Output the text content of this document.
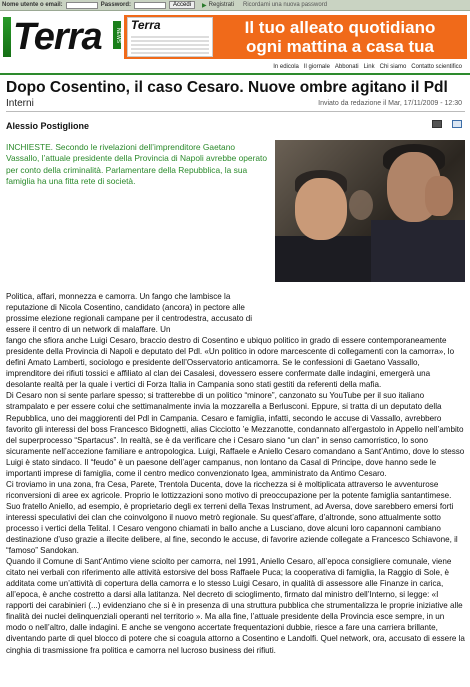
Nome utente o email:	Password:	Accedi	▶ Registrati Ricordami una nuova password
Terra	NEWS
Terra	Il tuo alleato quotidiano
ogni mattina a casa tua
In edicola Il giornale Abbonati Link Chi siamo Contatto scientifico
Dopo Cosentino, il caso Cesaro. Nuove ombre agitano il Pdl
Interni	Inviato da redazione il Mar, 17/11/2009 - 12:30
Alessio Postiglione
INCHIESTE. Secondo le rivelazioni dell’imprenditore Gaetano Vassallo, l’attuale presidente della Provincia di Napoli avrebbe operato per conto della criminalità. Parlamentare della Repubblica, la sua famiglia ha una fitta rete di società.

Politica, affari, monnezza e camorra. Un fango che lambisce la reputazione di Nicola Cosentino, candidato (ancora) in pectore alle prossime elezione regionali campane per il centrodestra, accusato di essere il centro di un network di malaffare. Un

fango che sfiora anche Luigi Cesaro, braccio destro di Cosentino e ubiquo politico in grado di essere contemporaneamente presidente della Provincia di Napoli e deputato del Pdl. «Un politico in odore marcescente di collegamenti con la camorra», lo definì Amato Lamberti, sociologo e presidente dell’Osservatorio anticamorra. Se le confessioni di Gaetano Vassallo, imprenditore dei rifiuti tossici e affiliato al clan dei Casalesi, dovessero essere confermate dalle indagini, emergerà una desolante realtà per la quale i vertici di Forza Italia in Campania sono stati gestiti da referenti della mafia.

Di Cesaro non si sente parlare spesso; si tratterebbe di un politico “minore”, canzonato su YouTube per il suo italiano strampalato e per essere colui che settimanalmente invia la mozzarella a Berlusconi. Eppure, si tratta di un deputato della Repubblica, uno dei maggiorenti del Pdl in Campania. Cesaro e famiglia, infatti, secondo le accuse di Vassallo, avrebbero favorito gli interessi del boss Francesco Bidognetti, alias Cicciotto ’e Mezzanotte, condannato all’ergastolo in Appello nell’ambito del superprocesso “Spartacus”. In realtà, se è da verificare che i Cesaro siano “un clan” in senso camorristico, lo sono sicuramente nell’accezione familiare e antropologica. Luigi, Raffaele e Aniello Cesaro comandano a Sant’Antimo, dove lo stesso Luigi è stato sindaco. Il “feudo” è un paesone dell’ager campanus, non lontano da Casal di Principe, dove hanno sede le importanti imprese di famiglia, come il centro medico convenzionato Igea, amministrato da Antimo Cesaro.

Ci troviamo in una zona, fra Cesa, Parete, Trentola Ducenta, dove la ricchezza si è moltiplicata attraverso le avventurose riconversioni di aree ex agricole. Proprio le lottizzazioni sono motivo di preoccupazione per la potente famiglia santantimese. Suo fratello Aniello, ad esempio, è proprietario degli ex terreni della Texas Instrument, ad Aversa, dove sarebbero emersi forti interessi speculativi dei clan che coinvolgono il nuovo metrò regionale. Su quest’affare, d’altronde, sono attualmente sotto processo i vertici della Telital. I Cesaro vengono chiamati in ballo anche a Lusciano, dove alcuni loro capannoni cambiano destinazione d’uso grazie a illecite delibere, al fine, secondo le accuse, di favorire aziende collegate a Francesco Schiavone, il “famoso” Sandokan.

Quando il Comune di Sant’Antimo viene sciolto per camorra, nel 1991, Aniello Cesaro, all’epoca consigliere comunale, viene citato nei verbali con riferimento alle attività estorsive del boss Raffaele Puca; la cooperativa di famiglia, la Raggio di Sole, è additata come un’attività di copertura della camorra e lo stesso Luigi Cesaro, in qualità di assessore alle Finanze in carica, all’epoca, è anche costretto a darsi alla latitanza. Nel decreto di scioglimento, firmato dal ministro dell’Interno, si legge: «I rapporti dei carabinieri (...) evidenziano che si è in presenza di una struttura pubblica che strumentalizza le proprie iniziative alle finalità dei nuclei delinquenziali operanti nel territorio ». Ma alla fine, l’attuale presidente della Provincia esce sempre, in un modo o nell’altro, dalle indagini. E anche se vengono accertate frequentazioni dubbie, riesce a fare una carriera brillante, diventando parte di quel blocco di potere che si coagula attorno a Cosentino e Landolfi. Quel network, ora, accusato di essere la cinghia di trasmissione fra politica e camorra nel lucroso business dei rifiuti.
